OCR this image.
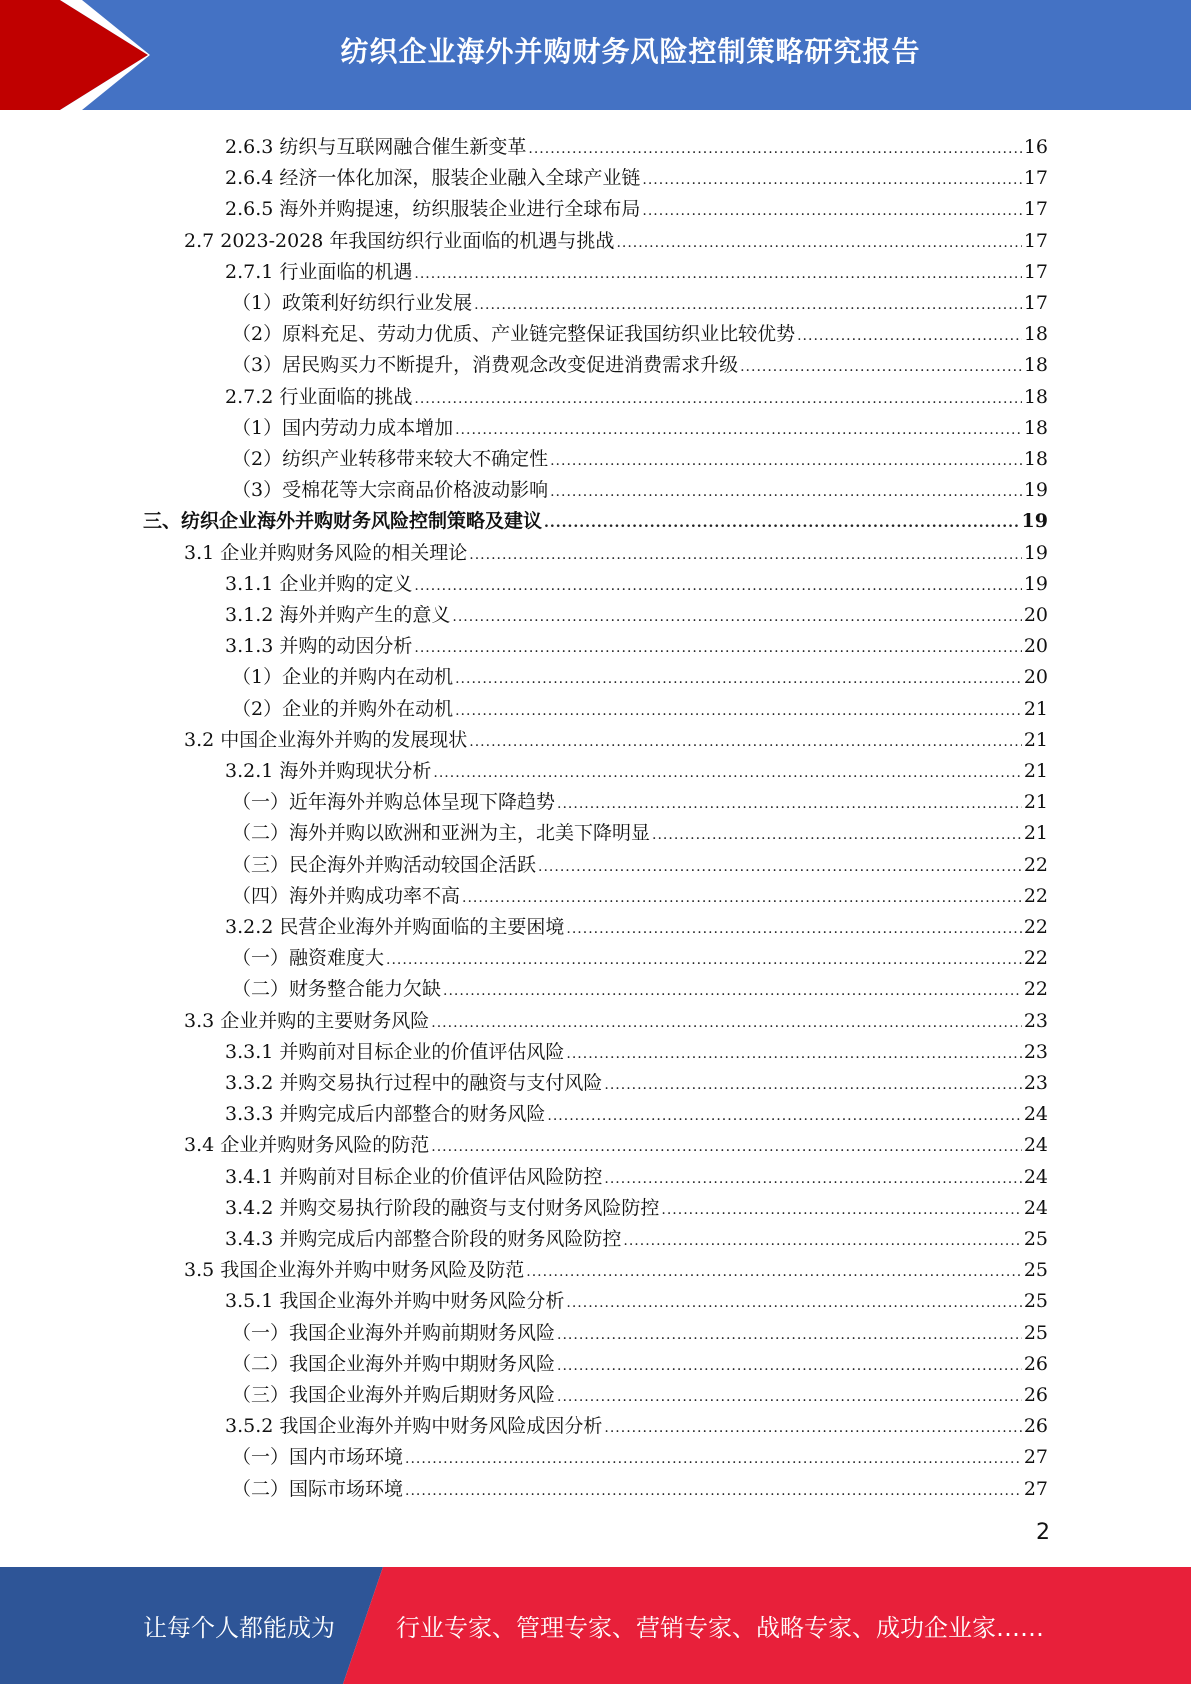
纺织企业海外并购财务风险控制策略研究报告
2.6.3 纺织与互联网融合催生新变革 .....	16
2.6.4 经济一体化加深，服装企业融入全球产业链 .....	17
2.6.5 海外并购提速，纺织服装企业进行全球布局 .....	17
2.7 2023-2028 年我国纺织行业面临的机遇与挑战 .....	17
2.7.1 行业面临的机遇 .....	17
（1）政策利好纺织行业发展 .....	17
（2）原料充足、劳动力优质、产业链完整保证我国纺织业比较优势 .....	18
（3）居民购买力不断提升，消费观念改变促进消费需求升级 .....	18
2.7.2 行业面临的挑战 .....	18
（1）国内劳动力成本增加 .....	18
（2）纺织产业转移带来较大不确定性 .....	18
（3）受棉花等大宗商品价格波动影响 .....	19
三、纺织企业海外并购财务风险控制策略及建议 .....	19
3.1 企业并购财务风险的相关理论 .....	19
3.1.1 企业并购的定义 .....	19
3.1.2 海外并购产生的意义 .....	20
3.1.3 并购的动因分析 .....	20
（1）企业的并购内在动机 .....	20
（2）企业的并购外在动机 .....	21
3.2 中国企业海外并购的发展现状 .....	21
3.2.1 海外并购现状分析 .....	21
（一）近年海外并购总体呈现下降趋势 .....	21
（二）海外并购以欧洲和亚洲为主，北美下降明显 .....	21
（三）民企海外并购活动较国企活跃 .....	22
（四）海外并购成功率不高 .....	22
3.2.2 民营企业海外并购面临的主要困境 .....	22
（一）融资难度大 .....	22
（二）财务整合能力欠缺 .....	22
3.3 企业并购的主要财务风险 .....	23
3.3.1 并购前对目标企业的价值评估风险 .....	23
3.3.2 并购交易执行过程中的融资与支付风险 .....	23
3.3.3 并购完成后内部整合的财务风险 .....	24
3.4 企业并购财务风险的防范 .....	24
3.4.1 并购前对目标企业的价值评估风险防控 .....	24
3.4.2 并购交易执行阶段的融资与支付财务风险防控 .....	24
3.4.3 并购完成后内部整合阶段的财务风险防控 .....	25
3.5 我国企业海外并购中财务风险及防范 .....	25
3.5.1 我国企业海外并购中财务风险分析 .....	25
（一）我国企业海外并购前期财务风险 .....	25
（二）我国企业海外并购中期财务风险 .....	26
（三）我国企业海外并购后期财务风险 .....	26
3.5.2 我国企业海外并购中财务风险成因分析 .....	26
（一）国内市场环境 .....	27
（二）国际市场环境 .....	27
2
让每个人都能成为	行业专家、管理专家、营销专家、战略专家、成功企业家……
